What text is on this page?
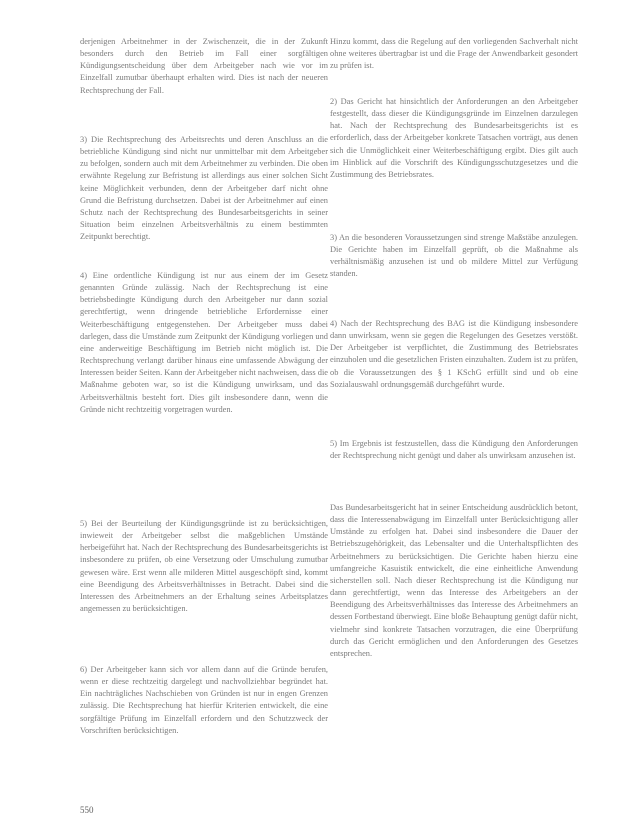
derjenigen Arbeitnehmer in der Zwischenzeit, die in der Zukunft besonders durch den Betrieb im Fall einer sorgfältigen Kündigungsentscheidung über dem Arbeitgeber nach wie vor im Einzelfall zumutbar überhaupt erhalten wird. Dies ist nach der neueren Rechtsprechung der Fall.

3) Die Rechtsprechung des Arbeitsrechts und deren Anschluss an die betriebliche Kündigung sind nicht nur unmittelbar mit dem Arbeitgeber zu befolgen, sondern auch mit dem Arbeitnehmer zu verbinden. Die oben erwähnte Regelung zur Befristung ist allerdings aus einer solchen Sicht keine Möglichkeit verbunden, denn der Arbeitgeber darf nicht ohne Grund die Befristung durchsetzen. Dabei ist der Arbeitnehmer auf einen Schutz nach der Rechtsprechung des Bundesarbeitsgerichts in seiner Situation beim einzelnen Arbeitsverhältnis zu einem bestimmten Zeitpunkt berechtigt.

4) Eine ordentliche Kündigung ist nur aus einem der im Gesetz genannten Gründe zulässig. Nach der Rechtsprechung ist eine betriebsbedingte Kündigung durch den Arbeitgeber nur dann sozial gerechtfertigt, wenn dringende betriebliche Erfordernisse einer Weiterbeschäftigung entgegenstehen. Der Arbeitgeber muss dabei darlegen, dass die Umstände zum Zeitpunkt der Kündigung vorliegen und eine anderweitige Beschäftigung im Betrieb nicht möglich ist. Die Rechtsprechung verlangt darüber hinaus eine umfassende Abwägung der Interessen beider Seiten. Kann der Arbeitgeber nicht nachweisen, dass die Maßnahme geboten war, so ist die Kündigung unwirksam, und das Arbeitsverhältnis besteht fort. Dies gilt insbesondere dann, wenn die Gründe nicht rechtzeitig vorgetragen wurden.

5) Bei der Beurteilung der Kündigungsgründe ist zu berücksichtigen, inwieweit der Arbeitgeber selbst die maßgeblichen Umstände herbeigeführt hat. Nach der Rechtsprechung des Bundesarbeitsgerichts ist insbesondere zu prüfen, ob eine Versetzung oder Umschulung zumutbar gewesen wäre. Erst wenn alle milderen Mittel ausgeschöpft sind, kommt eine Beendigung des Arbeitsverhältnisses in Betracht. Dabei sind die Interessen des Arbeitnehmers an der Erhaltung seines Arbeitsplatzes angemessen zu berücksichtigen.

6) Der Arbeitgeber kann sich vor allem dann auf die Gründe berufen, wenn er diese rechtzeitig dargelegt und nachvollziehbar begründet hat. Ein nachträgliches Nachschieben von Gründen ist nur in engen Grenzen zulässig. Die Rechtsprechung hat hierfür Kriterien entwickelt, die eine sorgfältige Prüfung im Einzelfall erfordern und den Schutzzweck der Vorschriften berücksichtigen.

Hinzu kommt, dass die Regelung auf den vorliegenden Sachverhalt nicht ohne weiteres übertragbar ist und die Frage der Anwendbarkeit gesondert zu prüfen ist.

2) Das Gericht hat hinsichtlich der Anforderungen an den Arbeitgeber festgestellt, dass dieser die Kündigungsgründe im Einzelnen darzulegen hat. Nach der Rechtsprechung des Bundesarbeitsgerichts ist es erforderlich, dass der Arbeitgeber konkrete Tatsachen vorträgt, aus denen sich die Unmöglichkeit einer Weiterbeschäftigung ergibt. Dies gilt auch im Hinblick auf die Vorschrift des Kündigungsschutzgesetzes und die Zustimmung des Betriebsrates.

3) An die besonderen Voraussetzungen sind strenge Maßstäbe anzulegen. Die Gerichte haben im Einzelfall geprüft, ob die Maßnahme als verhältnismäßig anzusehen ist und ob mildere Mittel zur Verfügung standen.

4) Nach der Rechtsprechung des BAG ist die Kündigung insbesondere dann unwirksam, wenn sie gegen die Regelungen des Gesetzes verstößt. Der Arbeitgeber ist verpflichtet, die Zustimmung des Betriebsrates einzuholen und die gesetzlichen Fristen einzuhalten. Zudem ist zu prüfen, ob die Voraussetzungen des § 1 KSchG erfüllt sind und ob eine Sozialauswahl ordnungsgemäß durchgeführt wurde.

5) Im Ergebnis ist festzustellen, dass die Kündigung den Anforderungen der Rechtsprechung nicht genügt und daher als unwirksam anzusehen ist.

Das Bundesarbeitsgericht hat in seiner Entscheidung ausdrücklich betont, dass die Interessenabwägung im Einzelfall unter Berücksichtigung aller Umstände zu erfolgen hat. Dabei sind insbesondere die Dauer der Betriebszugehörigkeit, das Lebensalter und die Unterhaltspflichten des Arbeitnehmers zu berücksichtigen. Die Gerichte haben hierzu eine umfangreiche Kasuistik entwickelt, die eine einheitliche Anwendung sicherstellen soll. Nach dieser Rechtsprechung ist die Kündigung nur dann gerechtfertigt, wenn das Interesse des Arbeitgebers an der Beendigung des Arbeitsverhältnisses das Interesse des Arbeitnehmers an dessen Fortbestand überwiegt. Eine bloße Behauptung genügt dafür nicht, vielmehr sind konkrete Tatsachen vorzutragen, die eine Überprüfung durch das Gericht ermöglichen und den Anforderungen des Gesetzes entsprechen.

550
